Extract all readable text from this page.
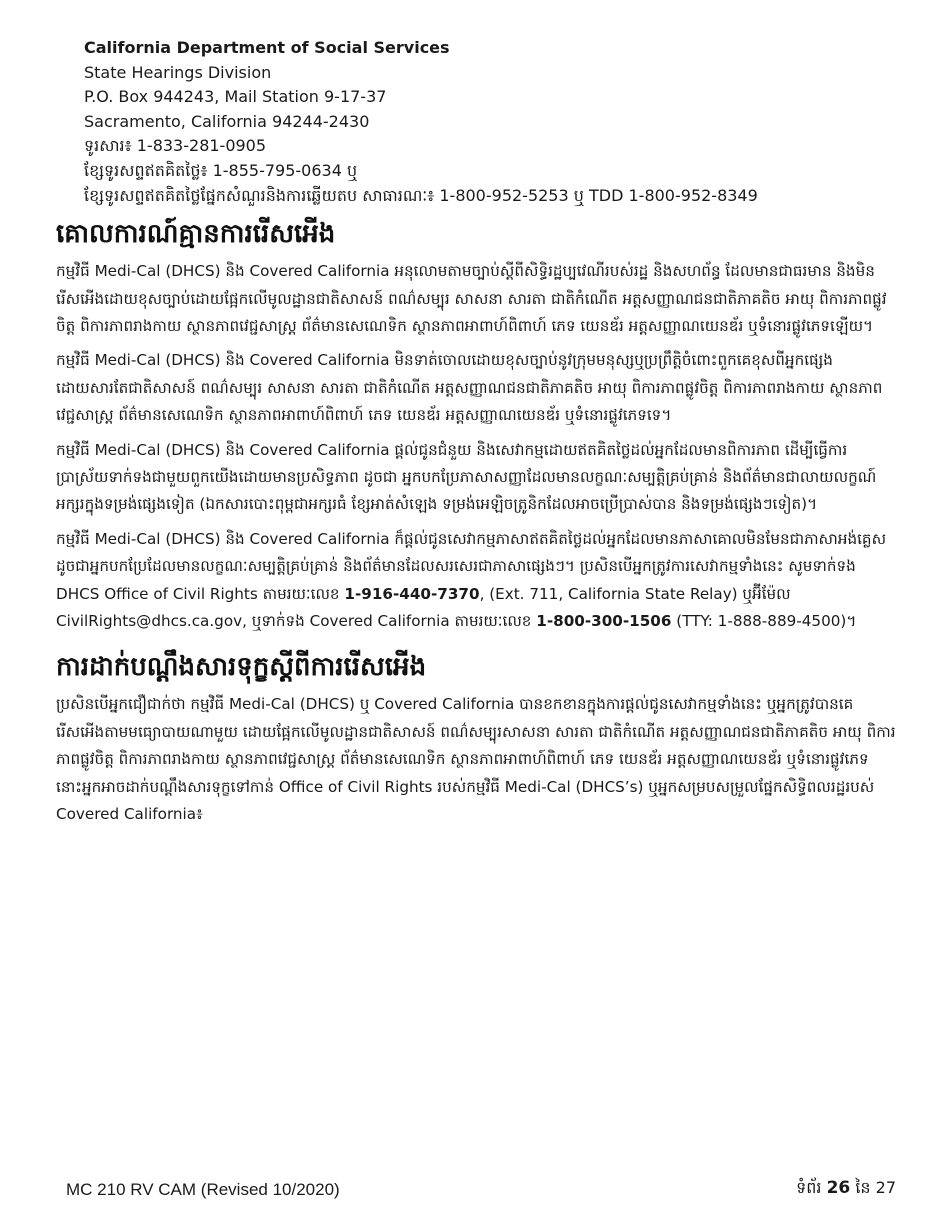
California Department of Social Services
State Hearings Division
P.O. Box 944243, Mail Station 9-17-37
Sacramento, California 94244-2430
ទូរសារ៖ 1-833-281-0905
ខ្សែទូរសព្ទឥតគិតថ្លៃ៖ 1-855-795-0634 ឬ
ខ្សែទូរសព្ទឥតគិតថ្លៃផ្នែកសំណួរនិងការឆ្លើយតប សាធារណៈ៖ 1-800-952-5253 ឬ TDD 1-800-952-8349
គោលការណ៍គ្មានការរើសអើង

កម្មវិធី Medi-Cal (DHCS) និង Covered California អនុលោមតាមច្បាប់ស្តីពីសិទ្ធិរដ្ឋប្បវេណីរបស់រដ្ឋ និងសហព័ន្ធ ដែលមានជាធរមាន និងមិនរើសអើងដោយខុសច្បាប់ដោយផ្អែកលើមូលដ្ឋានជាតិសាសន៍ ពណ៌សម្បុរ សាសនា សារតា ជាតិកំណើត អត្តសញ្ញាណជនជាតិភាគតិច អាយុ ពិការភាពផ្លូវចិត្ត ពិការភាពរាងកាយ ស្ថានភាពវេជ្ជសាស្ត្រ ព័ត៌មានសេណេទិក ស្ថានភាពអាពាហ៍ពិពាហ៍ ភេទ យេនឌ័រ អត្តសញ្ញាណយេនឌ័រ ឬទំនោរផ្លូវភេទឡើយ។

កម្មវិធី Medi-Cal (DHCS) និង Covered California មិនទាត់ចោលដោយខុសច្បាប់នូវក្រុមមនុស្សឬប្រព្រឹត្តិចំពោះពួកគេខុសពីអ្នកផ្សេងដោយសារតែជាតិសាសន៍ ពណ៌សម្បុរ សាសនា សារតា ជាតិកំណើត អត្តសញ្ញាណជនជាតិភាគតិច អាយុ ពិការភាពផ្លូវចិត្ត ពិការភាពរាងកាយ ស្ថានភាពវេជ្ជសាស្ត្រ ព័ត៌មានសេណេទិក ស្ថានភាពអាពាហ៍ពិពាហ៍ ភេទ យេនឌ័រ អត្តសញ្ញាណយេនឌ័រ ឬទំនោរផ្លូវភេទទេ។

កម្មវិធី Medi-Cal (DHCS) និង Covered California ផ្តល់ជូនជំនួយ និងសេវាកម្មដោយឥតគិតថ្លៃដល់អ្នកដែលមានពិការភាព ដើម្បីធ្វើការប្រាស្រ័យទាក់ទងជាមួយពួកយើងដោយមានប្រសិទ្ធភាព ដូចជា អ្នកបកប្រែភាសាសញ្ញាដែលមានលក្ខណៈសម្បត្តិគ្រប់គ្រាន់ និងព័ត៌មានជាលាយលក្ខណ៍អក្សរក្នុងទម្រង់ផ្សេងទៀត (ឯកសារបោះពុម្ពជាអក្សរធំ ខ្សែអាត់សំឡេង ទម្រង់អេឡិចត្រូនិកដែលអាចប្រើប្រាស់បាន និងទម្រង់ផ្សេងៗទៀត)។

កម្មវិធី Medi-Cal (DHCS) និង Covered California ក៏ផ្តល់ជូនសេវាកម្មភាសាឥតគិតថ្លៃដល់អ្នកដែលមានភាសាគោលមិនមែនជាភាសាអង់គ្លេស ដូចជាអ្នកបកប្រែដែលមានលក្ខណៈសម្បត្តិគ្រប់គ្រាន់ និងព័ត៌មានដែលសរសេរជាភាសាផ្សេងៗ។ ប្រសិនបើអ្នកត្រូវការសេវាកម្មទាំងនេះ សូមទាក់ទង DHCS Office of Civil Rights តាមរយៈលេខ 1-916-440-7370, (Ext. 711, California State Relay) ឬអ៊ីម៉ែល CivilRights@dhcs.ca.gov, ឬទាក់ទង Covered California តាមរយៈលេខ 1-800-300-1506 (TTY: 1-888-889-4500)។

ការដាក់បណ្តឹងសារទុក្ខស្តីពីការរើសអើង

ប្រសិនបើអ្នកជឿជាក់ថា កម្មវិធី Medi-Cal (DHCS) ឬ Covered California បានខកខានក្នុងការផ្តល់ជូនសេវាកម្មទាំងនេះ ឬអ្នកត្រូវបានគេរើសអើងតាមមធ្យោបាយណាមួយ ដោយផ្អែកលើមូលដ្ឋានជាតិសាសន៍ ពណ៌សម្បុរសាសនា សារតា ជាតិកំណើត អត្តសញ្ញាណជនជាតិភាគតិច អាយុ ពិការភាពផ្លូវចិត្ត ពិការភាពរាងកាយ ស្ថានភាពវេជ្ជសាស្ត្រ ព័ត៌មានសេណេទិក ស្ថានភាពអាពាហ៍ពិពាហ៍ ភេទ យេនឌ័រ អត្តសញ្ញាណយេនឌ័រ ឬទំនោរផ្លូវភេទ នោះអ្នកអាចដាក់បណ្តឹងសារទុក្ខទៅកាន់ Office of Civil Rights របស់កម្មវិធី Medi-Cal (DHCS’s) ឬអ្នកសម្របសម្រួលផ្នែកសិទ្ធិពលរដ្ឋរបស់ Covered California៖

MC 210 RV CAM (Revised 10/2020)	ទំព័រ 26 នៃ 27
